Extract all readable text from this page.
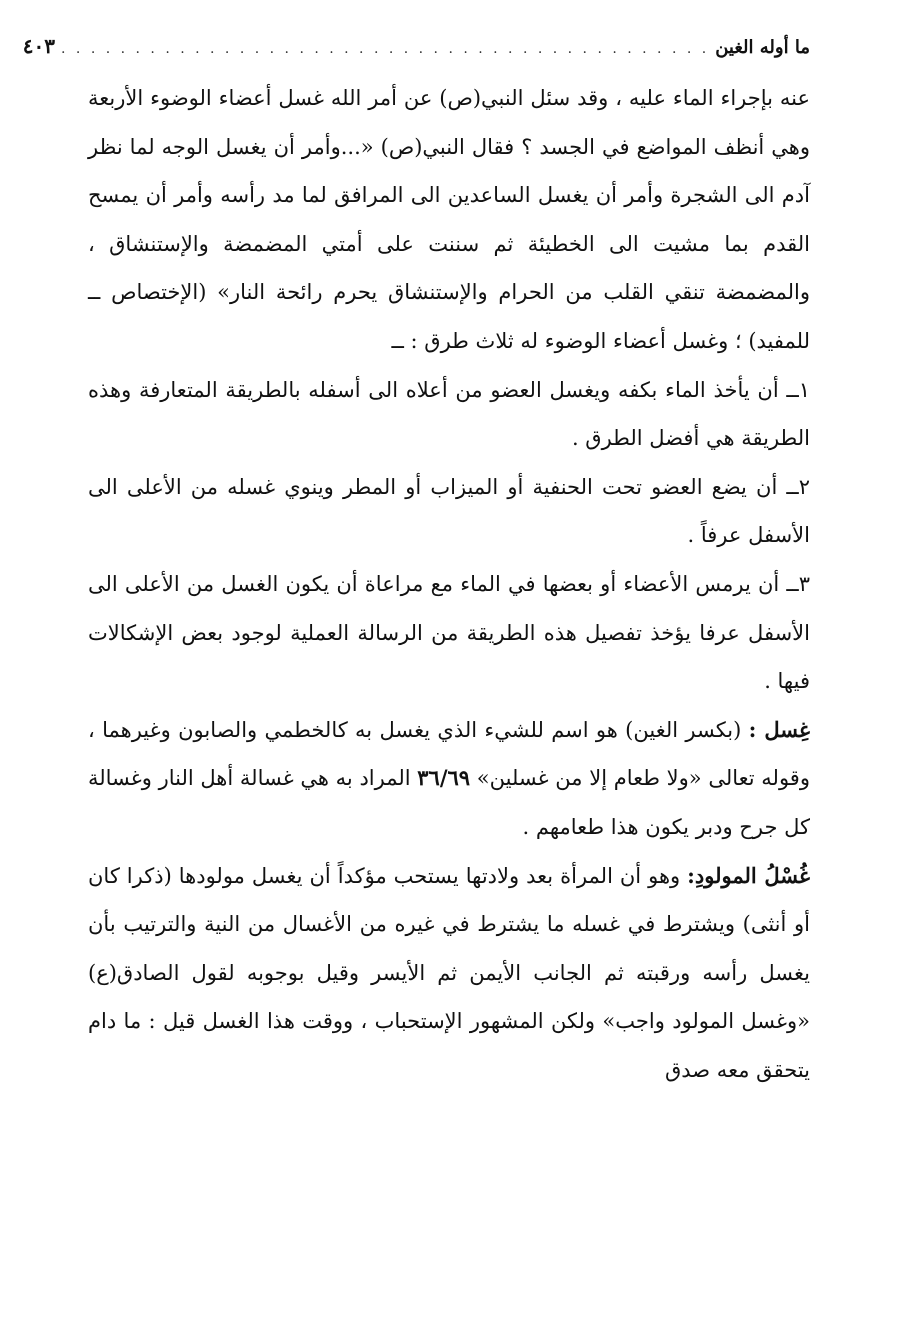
ما أوله الغين
. . . . . . . . . . . . . . . . . . . . . . . . . . . . . . . . . . . . . . . . . . . .
٤٠٣

عنه بإجراء الماء عليه ، وقد سئل النبي(ص) عن أمر الله غسل أعضاء الوضوء الأربعة وهي أنظف المواضع في الجسد ؟ فقال النبي(ص) «...وأمر أن يغسل الوجه لما نظر آدم الى الشجرة وأمر أن يغسل الساعدين الى المرافق لما مد رأسه وأمر أن يمسح القدم بما مشيت الى الخطيئة ثم سننت على أمتي المضمضة والإستنشاق ، والمضمضة تنقي القلب من الحرام والإستنشاق يحرم رائحة النار» (الإختصاص ــ للمفيد) ؛ وغسل أعضاء الوضوء له ثلاث طرق : ــ

١ــ أن يأخذ الماء بكفه ويغسل العضو من أعلاه الى أسفله بالطريقة المتعارفة وهذه الطريقة هي أفضل الطرق .

٢ــ أن يضع العضو تحت الحنفية أو الميزاب أو المطر وينوي غسله من الأعلى الى الأسفل عرفاً .

٣ــ أن يرمس الأعضاء أو بعضها في الماء مع مراعاة أن يكون الغسل من الأعلى الى الأسفل عرفا يؤخذ تفصيل هذه الطريقة من الرسالة العملية لوجود بعض الإشكالات فيها .

غِسل : (بكسر الغين) هو اسم للشيء الذي يغسل به كالخطمي والصابون وغيرهما ، وقوله تعالى «ولا طعام إلا من غسلين» ٣٦/٦٩ المراد به هي غسالة أهل النار وغسالة كل جرح ودبر يكون هذا طعامهم .

غُسْلُ المولودِ: وهو أن المرأة بعد ولادتها يستحب مؤكداً أن يغسل مولودها (ذكرا كان أو أنثى) ويشترط في غسله ما يشترط في غيره من الأغسال من النية والترتيب بأن يغسل رأسه ورقبته ثم الجانب الأيمن ثم الأيسر وقيل بوجوبه لقول الصادق(ع) «وغسل المولود واجب» ولكن المشهور الإستحباب ، ووقت هذا الغسل قيل : ما دام يتحقق معه صدق
